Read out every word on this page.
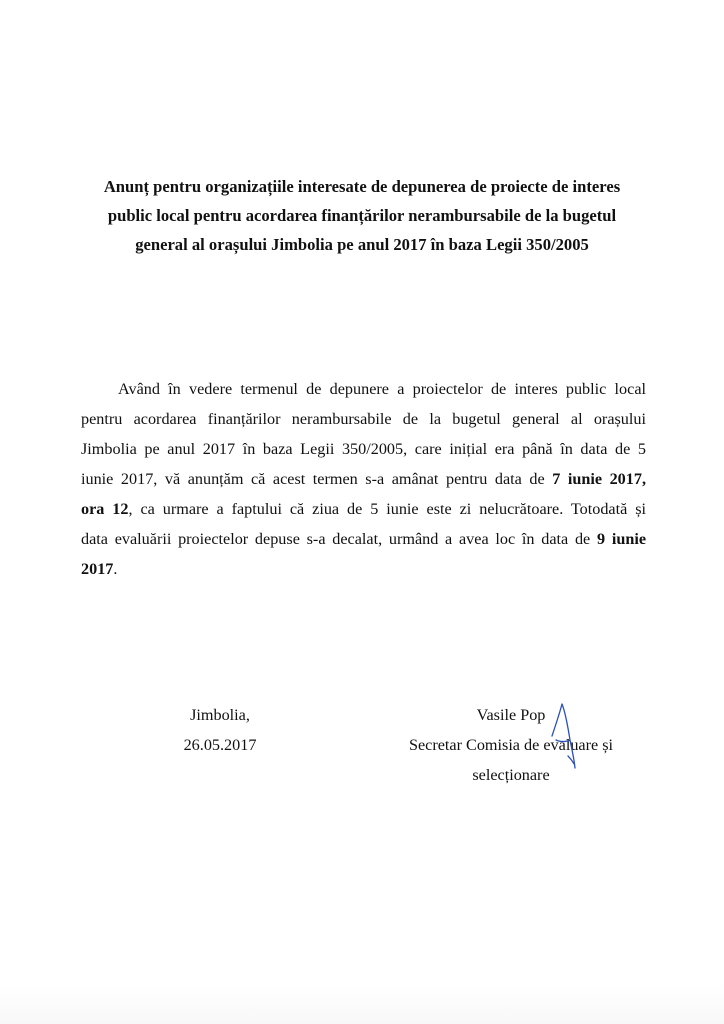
Anunț pentru organizațiile interesate de depunerea de proiecte de interes
public local pentru acordarea finanțărilor nerambursabile de la bugetul
general al orașului Jimbolia pe anul 2017 în baza Legii 350/2005
Având în vedere termenul de depunere a proiectelor de interes public local
pentru acordarea finanțărilor nerambursabile de la bugetul general al orașului
Jimbolia pe anul 2017 în baza Legii 350/2005, care inițial era până în data de 5
iunie 2017, vă anunțăm că acest termen s-a amânat pentru data de 7 iunie 2017,
ora 12, ca urmare a faptului că ziua de 5 iunie este zi nelucrătoare. Totodată și
data evaluării proiectelor depuse s-a decalat, urmând a avea loc în data de 9 iunie
2017.
Jimbolia,
26.05.2017
Vasile Pop
Secretar Comisia de evaluare și
selecționare
